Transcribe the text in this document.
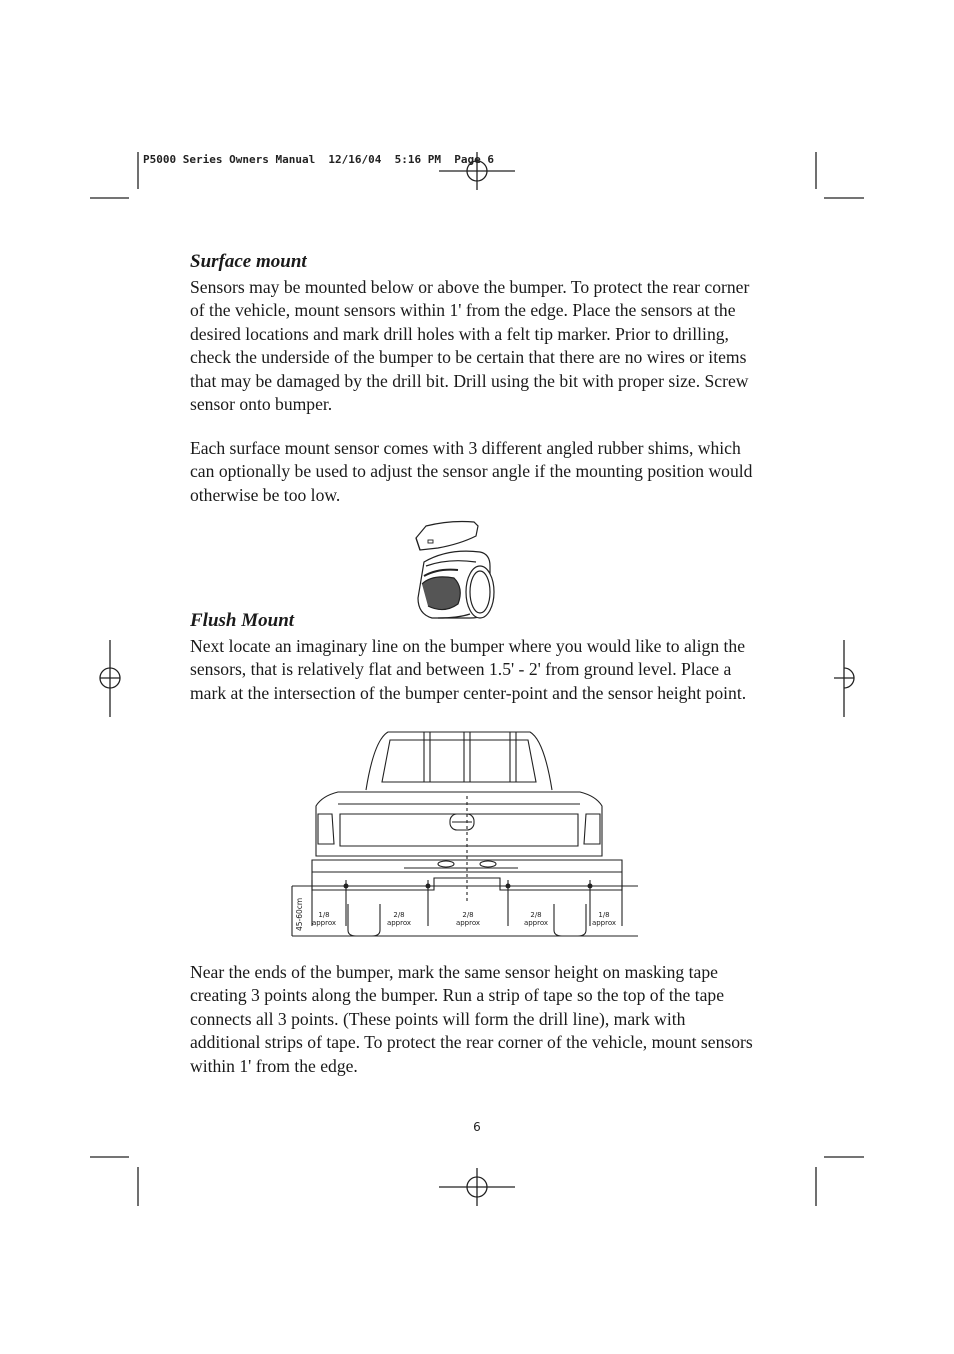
P5000 Series Owners Manual  12/16/04  5:16 PM  Page 6
Surface mount

Sensors may be mounted below or above the bumper. To protect the rear corner of the vehicle, mount sensors within 1' from the edge. Place the sensors at the desired locations and mark drill holes with a felt tip marker. Prior to drilling, check the underside of the bumper to be certain that there are no wires or items that may be damaged by the drill bit. Drill using the bit with proper size. Screw sensor onto bumper.

Each surface mount sensor comes with 3 different angled rubber shims, which can optionally be used to adjust the sensor angle if the mounting position would otherwise be too low.

Flush Mount

Next locate an imaginary line on the bumper where you would like to align the sensors, that is relatively flat and between 1.5' - 2' from ground level. Place a mark at the intersection of the bumper center-point and the sensor height point.

45-60cm 1/8
approx
2/8
approx
2/8
approx
2/8
approx
1/8
approx

Near the ends of the bumper, mark the same sensor height on masking tape creating 3 points along the bumper. Run a strip of tape so the top of the tape connects all 3 points. (These points will form the drill line), mark with additional strips of tape. To protect the rear corner of the vehicle, mount sensors within 1' from the edge.

6
